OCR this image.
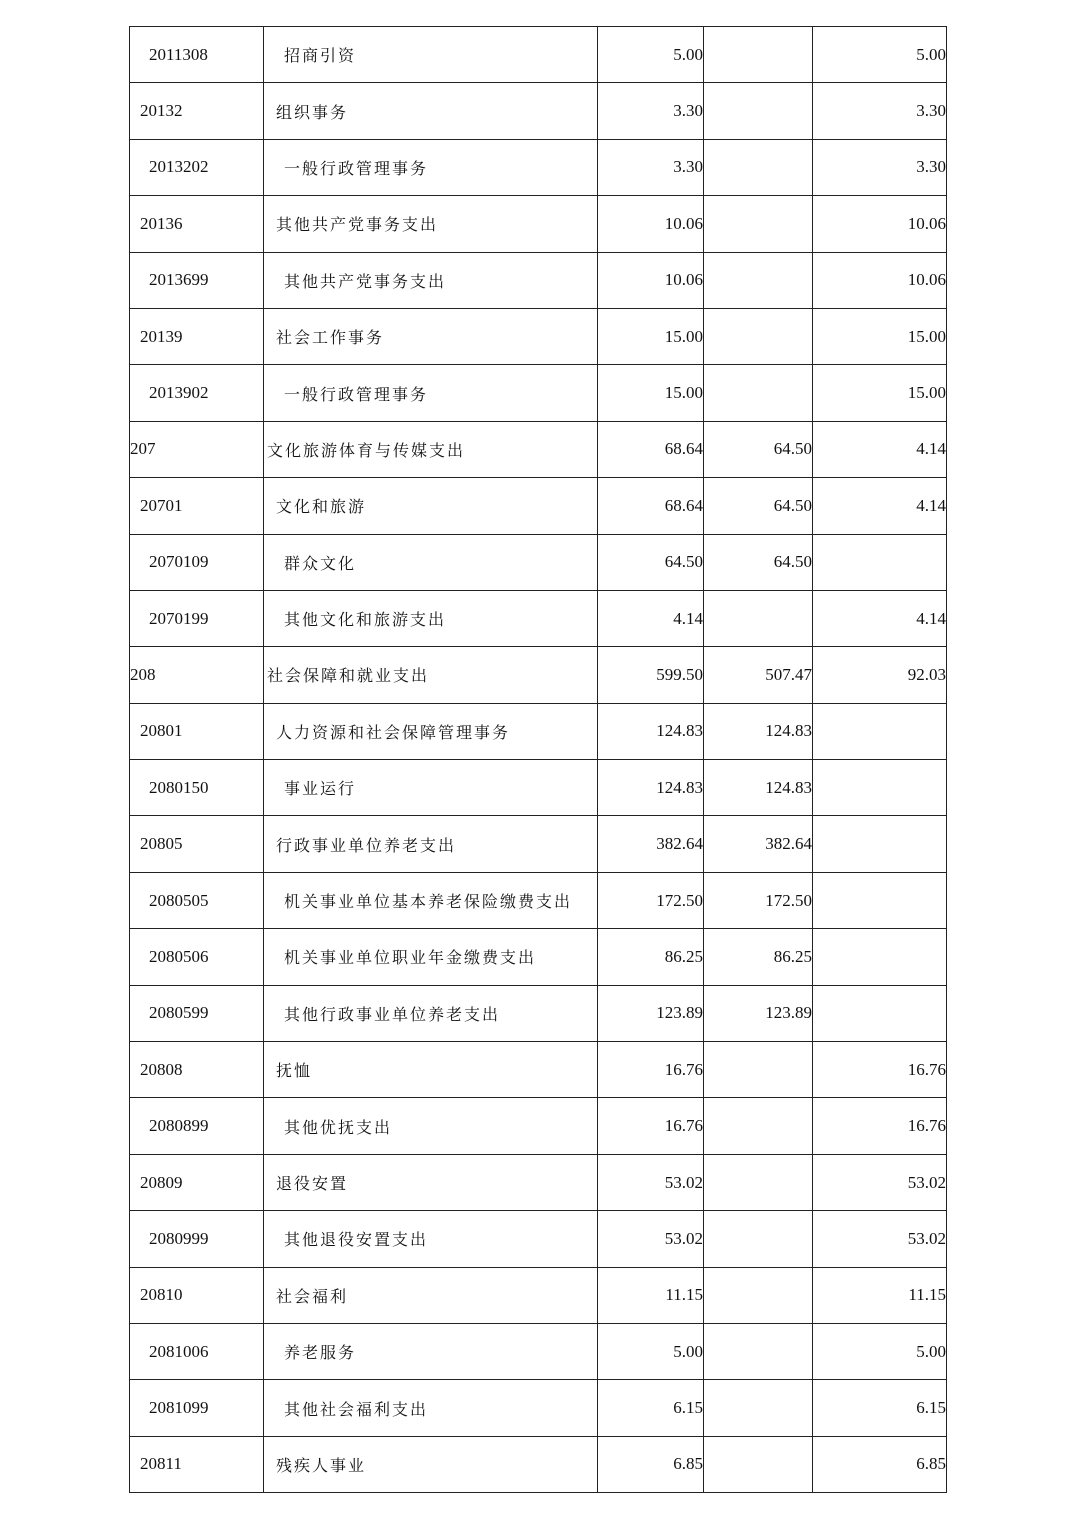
2011308	招商引资	5.00		5.00
20132	组织事务	3.30		3.30
2013202	一般行政管理事务	3.30		3.30
20136	其他共产党事务支出	10.06		10.06
2013699	其他共产党事务支出	10.06		10.06
20139	社会工作事务	15.00		15.00
2013902	一般行政管理事务	15.00		15.00
207	文化旅游体育与传媒支出	68.64	64.50	4.14
20701	文化和旅游	68.64	64.50	4.14
2070109	群众文化	64.50	64.50	
2070199	其他文化和旅游支出	4.14		4.14
208	社会保障和就业支出	599.50	507.47	92.03
20801	人力资源和社会保障管理事务	124.83	124.83	
2080150	事业运行	124.83	124.83	
20805	行政事业单位养老支出	382.64	382.64	
2080505	机关事业单位基本养老保险缴费支出	172.50	172.50	
2080506	机关事业单位职业年金缴费支出	86.25	86.25	
2080599	其他行政事业单位养老支出	123.89	123.89	
20808	抚恤	16.76		16.76
2080899	其他优抚支出	16.76		16.76
20809	退役安置	53.02		53.02
2080999	其他退役安置支出	53.02		53.02
20810	社会福利	11.15		11.15
2081006	养老服务	5.00		5.00
2081099	其他社会福利支出	6.15		6.15
20811	残疾人事业	6.85		6.85
